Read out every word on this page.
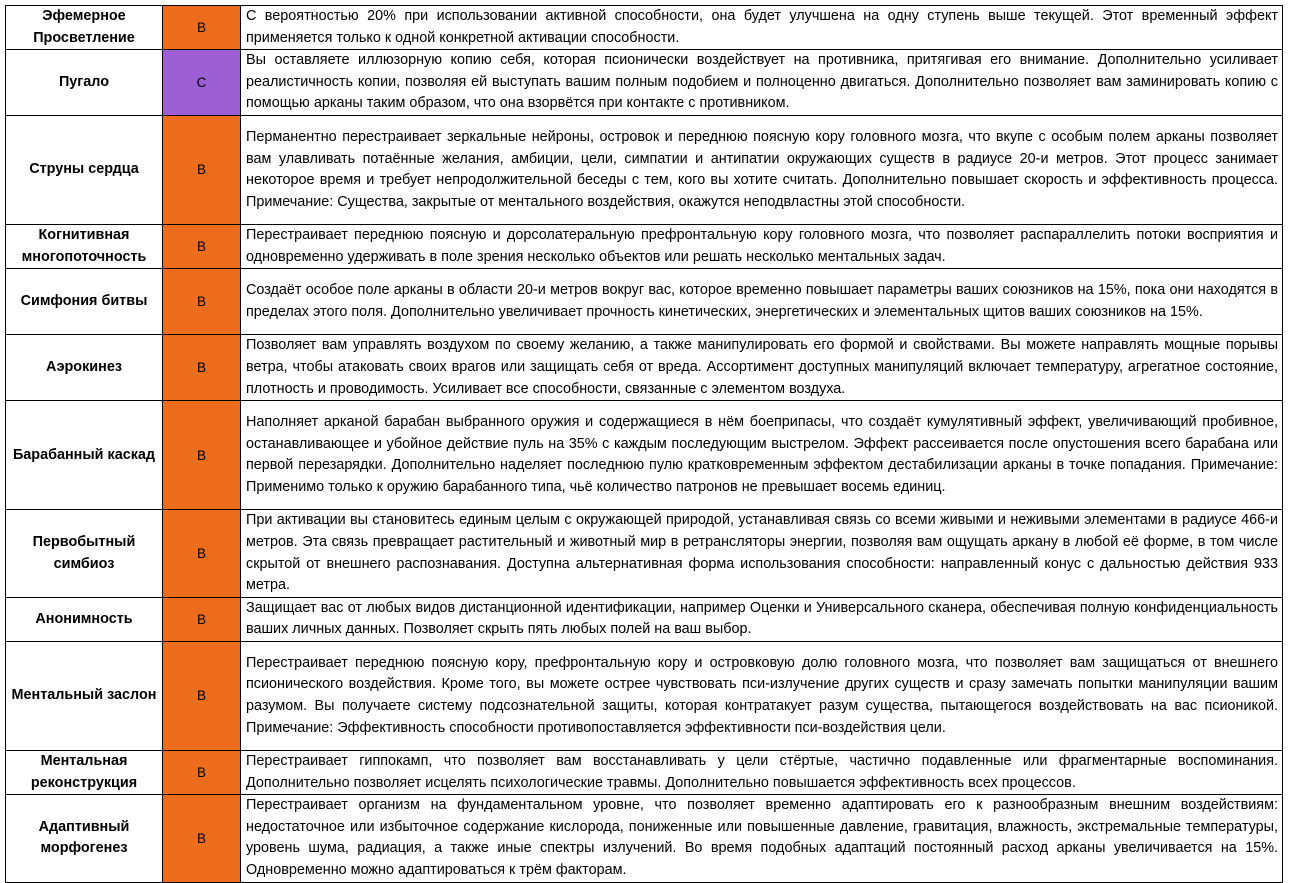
Эфемерное Просветление	B	С вероятностью 20% при использовании активной способности, она будет улучшена на одну ступень выше текущей. Этот временный эффект применяется только к одной конкретной активации способности.
Пугало	C	Вы оставляете иллюзорную копию себя, которая псионически воздействует на противника, притягивая его внимание. Дополнительно усиливает реалистичность копии, позволяя ей выступать вашим полным подобием и полноценно двигаться. Дополнительно позволяет вам заминировать копию с помощью арканы таким образом, что она взорвётся при контакте с противником.
Струны сердца	B	Перманентно перестраивает зеркальные нейроны, островок и переднюю поясную кору головного мозга, что вкупе с особым полем арканы позволяет вам улавливать потаённые желания, амбиции, цели, симпатии и антипатии окружающих существ в радиусе 20-и метров. Этот процесс занимает некоторое время и требует непродолжительной беседы с тем, кого вы хотите считать. Дополнительно повышает скорость и эффективность процесса. Примечание: Существа, закрытые от ментального воздействия, окажутся неподвластны этой способности.
Когнитивная многопоточность	B	Перестраивает переднюю поясную и дорсолатеральную префронтальную кору головного мозга, что позволяет распараллелить потоки восприятия и одновременно удерживать в поле зрения несколько объектов или решать несколько ментальных задач.
Симфония битвы	B	Создаёт особое поле арканы в области 20-и метров вокруг вас, которое временно повышает параметры ваших союзников на 15%, пока они находятся в пределах этого поля. Дополнительно увеличивает прочность кинетических, энергетических и элементальных щитов ваших союзников на 15%.
Аэрокинез	B	Позволяет вам управлять воздухом по своему желанию, а также манипулировать его формой и свойствами. Вы можете направлять мощные порывы ветра, чтобы атаковать своих врагов или защищать себя от вреда. Ассортимент доступных манипуляций включает температуру, агрегатное состояние, плотность и проводимость. Усиливает все способности, связанные с элементом воздуха.
Барабанный каскад	B	Наполняет арканой барабан выбранного оружия и содержащиеся в нём боеприпасы, что создаёт кумулятивный эффект, увеличивающий пробивное, останавливающее и убойное действие пуль на 35% с каждым последующим выстрелом. Эффект рассеивается после опустошения всего барабана или первой перезарядки. Дополнительно наделяет последнюю пулю кратковременным эффектом дестабилизации арканы в точке попадания. Примечание: Применимо только к оружию барабанного типа, чьё количество патронов не превышает восемь единиц.
Первобытный симбиоз	B	При активации вы становитесь единым целым с окружающей природой, устанавливая связь со всеми живыми и неживыми элементами в радиусе 466-и метров. Эта связь превращает растительный и животный мир в ретрансляторы энергии, позволяя вам ощущать аркану в любой её форме, в том числе скрытой от внешнего распознавания. Доступна альтернативная форма использования способности: направленный конус с дальностью действия 933 метра.
Анонимность	B	Защищает вас от любых видов дистанционной идентификации, например Оценки и Универсального сканера, обеспечивая полную конфиденциальность ваших личных данных. Позволяет скрыть пять любых полей на ваш выбор.
Ментальный заслон	B	Перестраивает переднюю поясную кору, префронтальную кору и островковую долю головного мозга, что позволяет вам защищаться от внешнего псионического воздействия. Кроме того, вы можете острее чувствовать пси-излучение других существ и сразу замечать попытки манипуляции вашим разумом. Вы получаете систему подсознательной защиты, которая контратакует разум существа, пытающегося воздействовать на вас псионикой. Примечание: Эффективность способности противопоставляется эффективности пси-воздействия цели.
Ментальная реконструкция	B	Перестраивает гиппокамп, что позволяет вам восстанавливать у цели стёртые, частично подавленные или фрагментарные воспоминания. Дополнительно позволяет исцелять психологические травмы. Дополнительно повышается эффективность всех процессов.
Адаптивный морфогенез	B	Перестраивает организм на фундаментальном уровне, что позволяет временно адаптировать его к разнообразным внешним воздействиям: недостаточное или избыточное содержание кислорода, пониженные или повышенные давление, гравитация, влажность, экстремальные температуры, уровень шума, радиация, а также иные спектры излучений. Во время подобных адаптаций постоянный расход арканы увеличивается на 15%. Одновременно можно адаптироваться к трём факторам.
